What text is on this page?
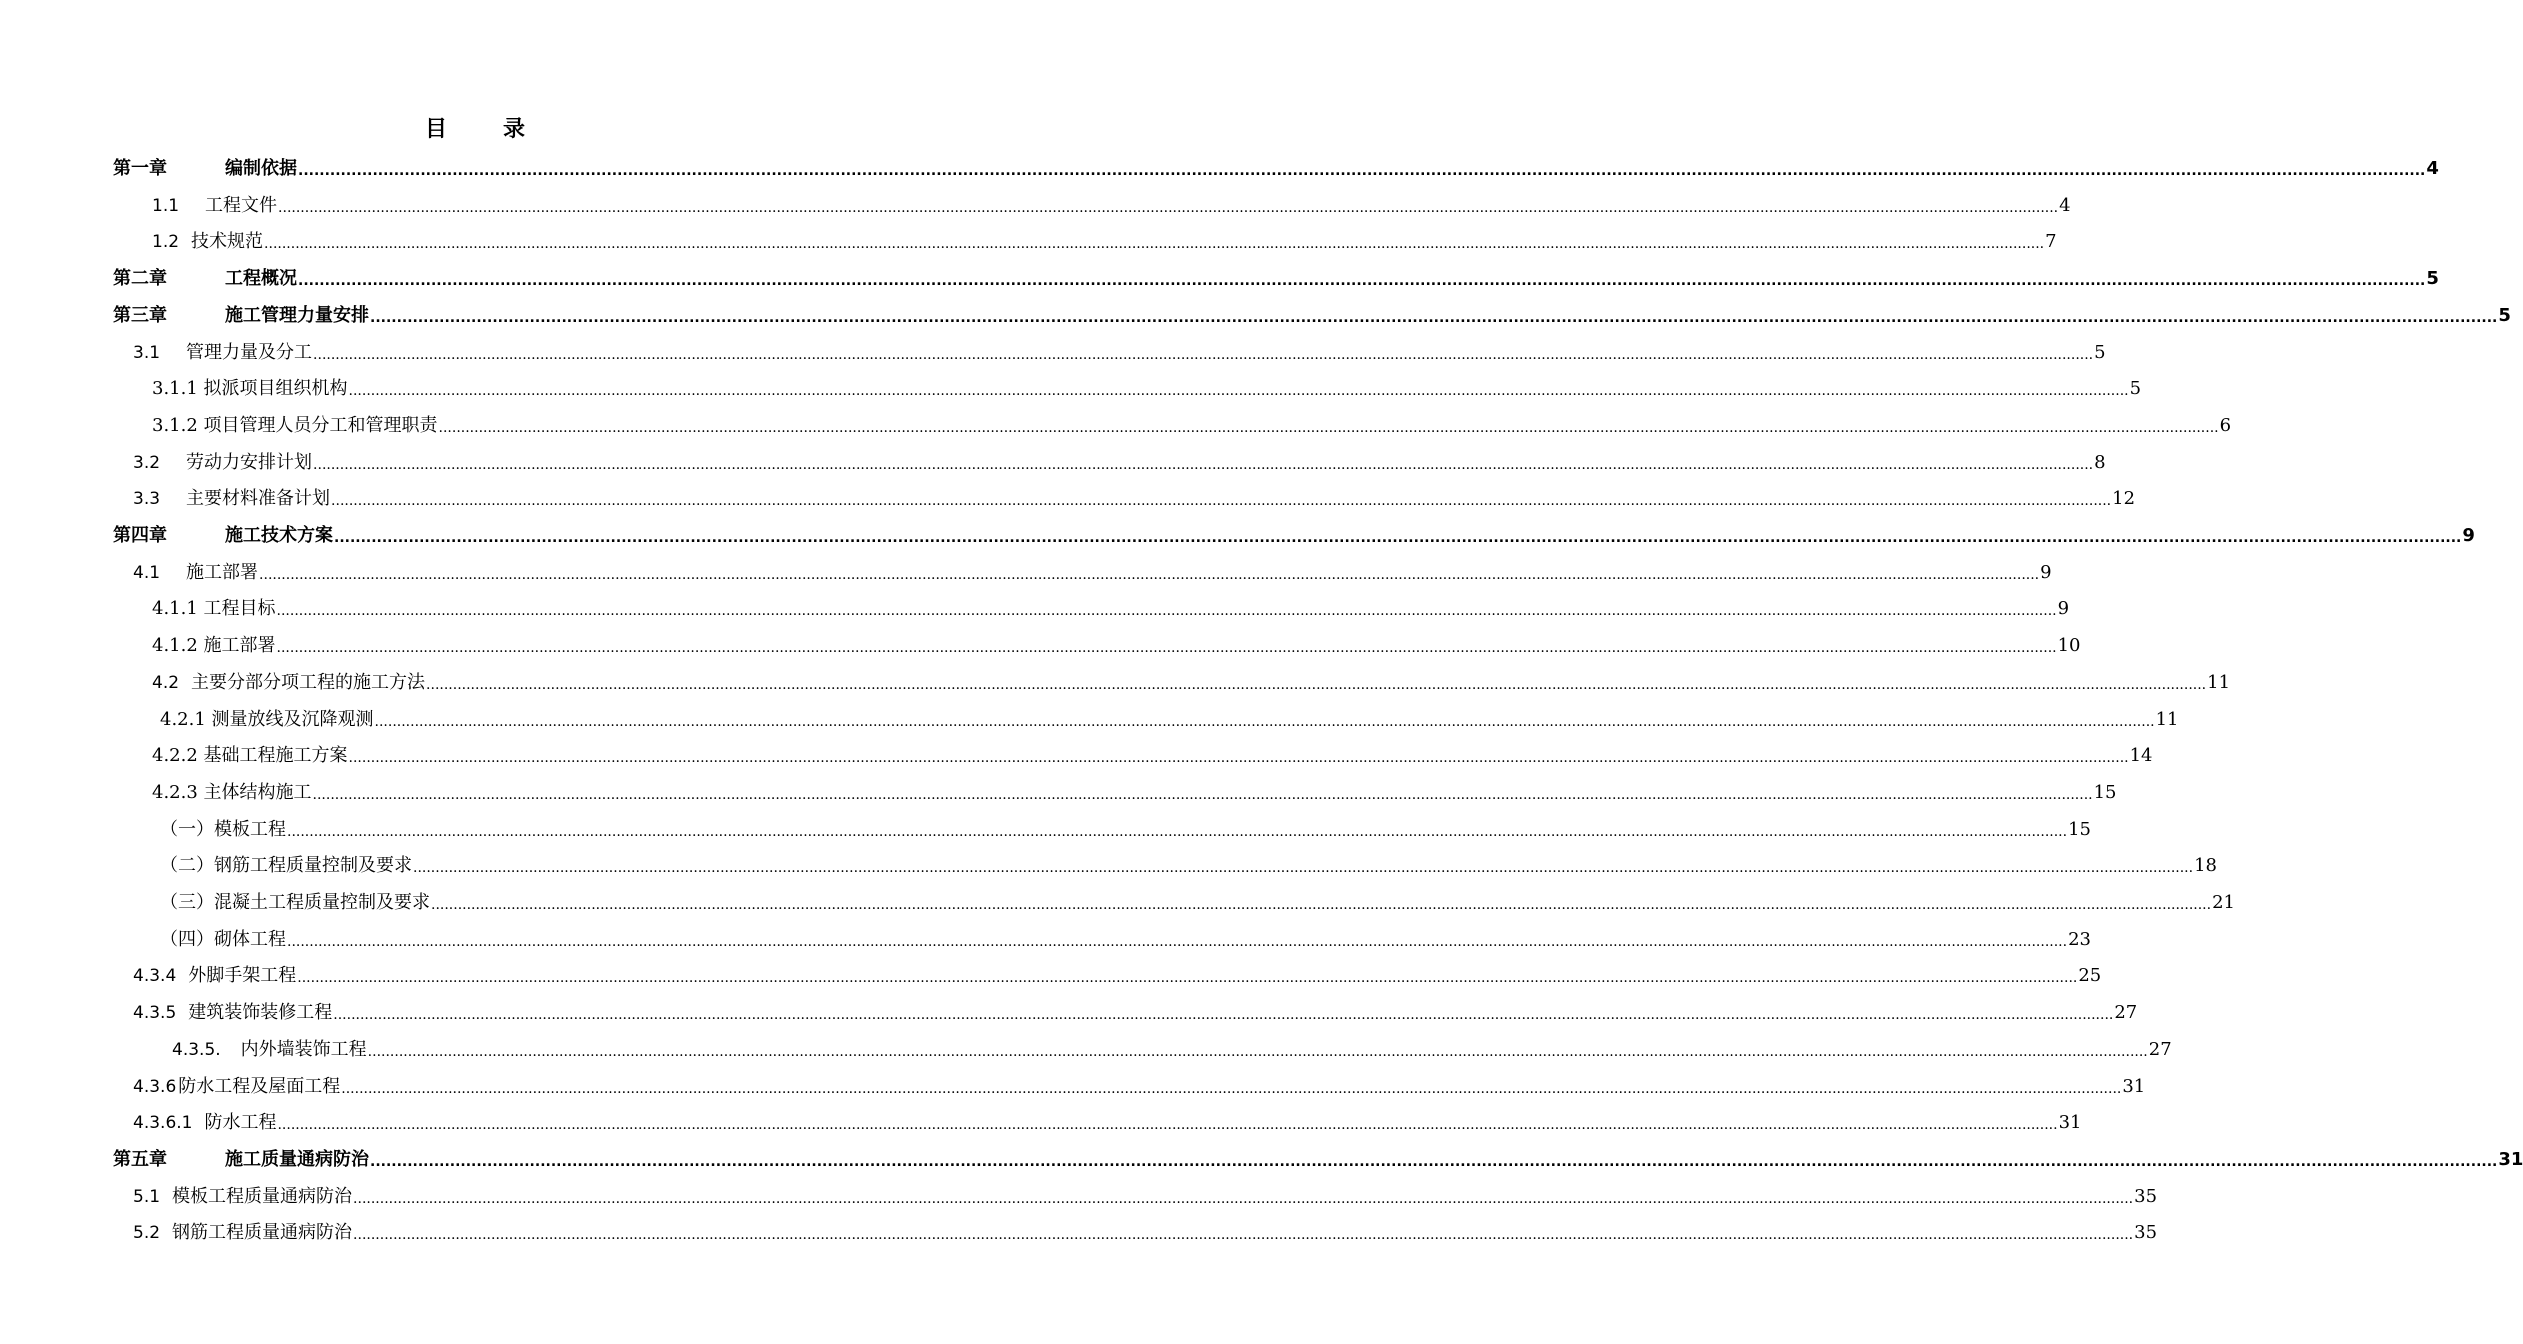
目	录
第一章	编制依据 ................................................................................................................................................................................................................................................................................................................................................................................................................ 4
1.1 工程文件 ................................................................................................................................................................................................................................................................................................................................................................................................................ 4
1.2 技术规范 ................................................................................................................................................................................................................................................................................................................................................................................................................ 7
第二章	工程概况 ................................................................................................................................................................................................................................................................................................................................................................................................................ 5
第三章	施工管理力量安排 ................................................................................................................................................................................................................................................................................................................................................................................................................ 5
3.1 管理力量及分工 ................................................................................................................................................................................................................................................................................................................................................................................................................ 5
3.1.1 拟派项目组织机构 ................................................................................................................................................................................................................................................................................................................................................................................................................ 5
3.1.2 项目管理人员分工和管理职责 ................................................................................................................................................................................................................................................................................................................................................................................................................ 6
3.2 劳动力安排计划 ................................................................................................................................................................................................................................................................................................................................................................................................................ 8
3.3 主要材料准备计划 ................................................................................................................................................................................................................................................................................................................................................................................................................ 12
第四章	施工技术方案 ................................................................................................................................................................................................................................................................................................................................................................................................................ 9
4.1 施工部署 ................................................................................................................................................................................................................................................................................................................................................................................................................ 9
4.1.1 工程目标 ................................................................................................................................................................................................................................................................................................................................................................................................................ 9
4.1.2 施工部署 ................................................................................................................................................................................................................................................................................................................................................................................................................ 10
4.2 主要分部分项工程的施工方法 ................................................................................................................................................................................................................................................................................................................................................................................................................ 11
4.2.1 测量放线及沉降观测 ................................................................................................................................................................................................................................................................................................................................................................................................................ 11
4.2.2 基础工程施工方案 ................................................................................................................................................................................................................................................................................................................................................................................................................ 14
4.2.3 主体结构施工 ................................................................................................................................................................................................................................................................................................................................................................................................................ 15
（一）模板工程 ................................................................................................................................................................................................................................................................................................................................................................................................................ 15
（二）钢筋工程质量控制及要求 ................................................................................................................................................................................................................................................................................................................................................................................................................ 18
（三）混凝土工程质量控制及要求 ................................................................................................................................................................................................................................................................................................................................................................................................................ 21
（四）砌体工程 ................................................................................................................................................................................................................................................................................................................................................................................................................ 23
4.3.4 外脚手架工程 ................................................................................................................................................................................................................................................................................................................................................................................................................ 25
4.3.5 建筑装饰装修工程 ................................................................................................................................................................................................................................................................................................................................................................................................................ 27
4.3.5. 内外墙装饰工程 ................................................................................................................................................................................................................................................................................................................................................................................................................ 27
4.3.6 防水工程及屋面工程 ................................................................................................................................................................................................................................................................................................................................................................................................................ 31
4.3.6.1 防水工程 ................................................................................................................................................................................................................................................................................................................................................................................................................ 31
第五章	施工质量通病防治 ................................................................................................................................................................................................................................................................................................................................................................................................................ 31
5.1 模板工程质量通病防治 ................................................................................................................................................................................................................................................................................................................................................................................................................ 35
5.2 钢筋工程质量通病防治 ................................................................................................................................................................................................................................................................................................................................................................................................................ 35
